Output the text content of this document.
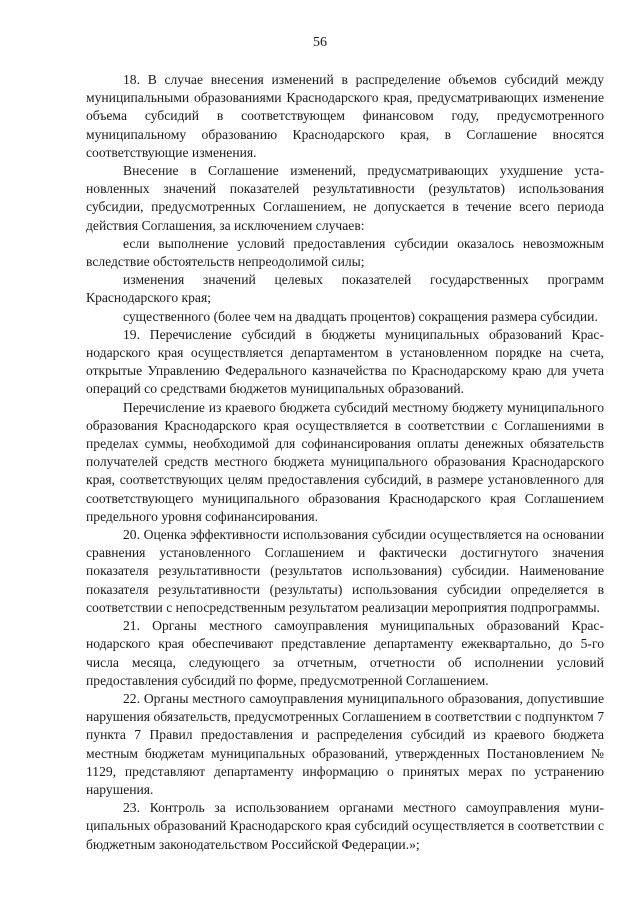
56

18. В случае внесения изменений в распределение объемов субсидий между муниципальными образованиями Краснодарского края, предусматривающих изменение объема субсидий в соответствующем финансовом году, предусмотренного муниципальному образованию Краснодарского края, в Соглашение вносятся соответствующие изменения.

Внесение в Соглашение изменений, предусматривающих ухудшение установленных значений показателей результативности (результатов) использования субсидии, предусмотренных Соглашением, не допускается в течение всего периода действия Соглашения, за исключением случаев:

если выполнение условий предоставления субсидии оказалось невозможным вследствие обстоятельств непреодолимой силы;

изменения значений целевых показателей государственных программ Краснодарского края;

существенного (более чем на двадцать процентов) сокращения размера субсидии.

19. Перечисление субсидий в бюджеты муниципальных образований Краснодарского края осуществляется департаментом в установленном порядке на счета, открытые Управлению Федерального казначейства по Краснодарскому краю для учета операций со средствами бюджетов муниципальных образований.

Перечисление из краевого бюджета субсидий местному бюджету муниципального образования Краснодарского края осуществляется в соответствии с Соглашениями в пределах суммы, необходимой для софинансирования оплаты денежных обязательств получателей средств местного бюджета муниципального образования Краснодарского края, соответствующих целям предоставления субсидий, в размере установленного для соответствующего муниципального образования Краснодарского края Соглашением предельного уровня софинансирования.

20. Оценка эффективности использования субсидии осуществляется на основании сравнения установленного Соглашением и фактически достигнутого значения показателя результативности (результатов использования) субсидии. Наименование показателя результативности (результаты) использования субсидии определяется в соответствии с непосредственным результатом реализации мероприятия подпрограммы.

21. Органы местного самоуправления муниципальных образований Краснодарского края обеспечивают представление департаменту ежеквартально, до 5-го числа месяца, следующего за отчетным, отчетности об исполнении условий предоставления субсидий по форме, предусмотренной Соглашением.

22. Органы местного самоуправления муниципального образования, допустившие нарушения обязательств, предусмотренных Соглашением в соответствии с подпунктом 7 пункта 7 Правил предоставления и распределения субсидий из краевого бюджета местным бюджетам муниципальных образований, утвержденных Постановлением № 1129, представляют департаменту информацию о принятых мерах по устранению нарушения.

23. Контроль за использованием органами местного самоуправления муниципальных образований Краснодарского края субсидий осуществляется в соответствии с бюджетным законодательством Российской Федерации.»;
